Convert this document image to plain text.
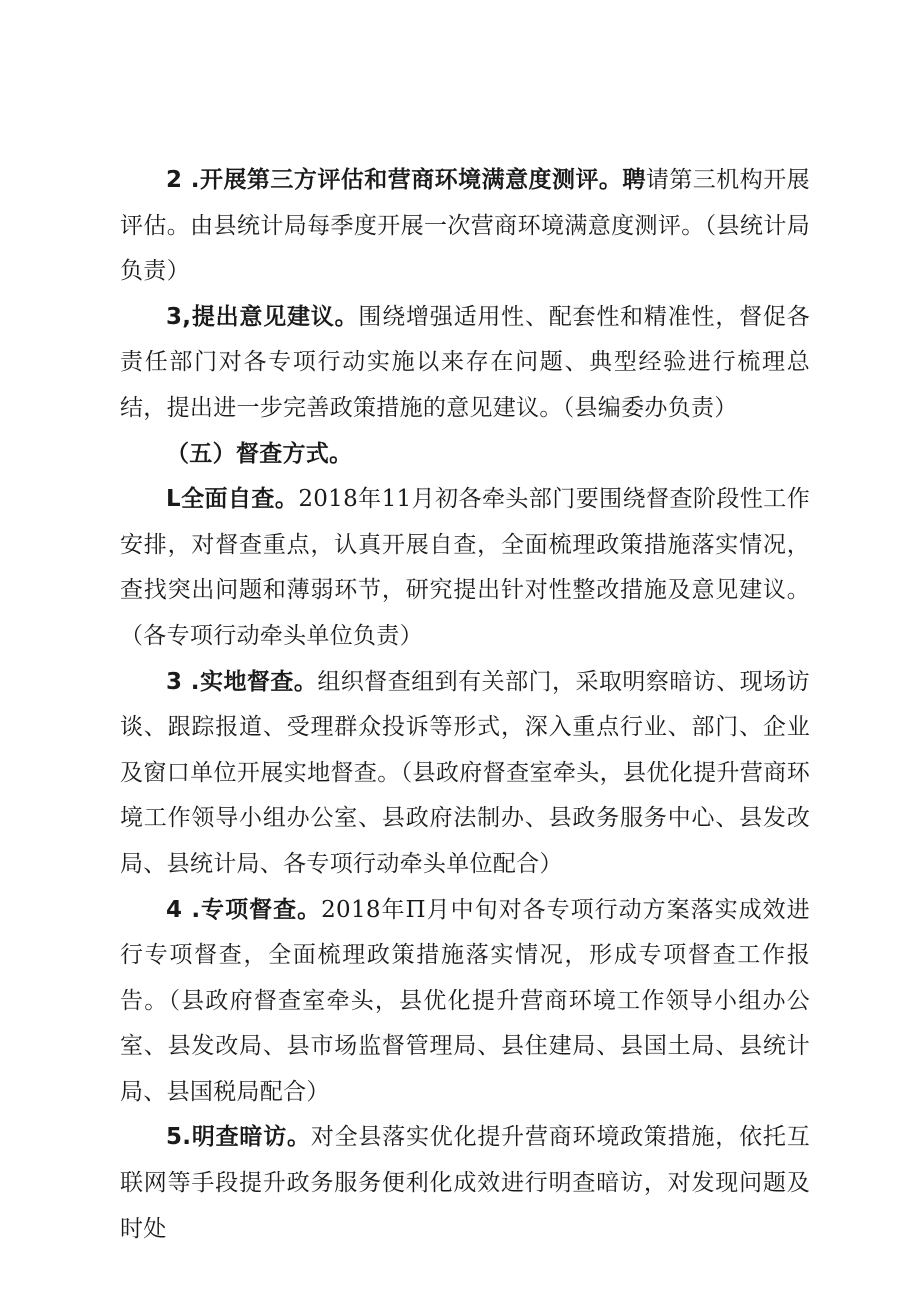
2 .开展第三方评估和营商环境满意度测评。聘请第三机构开展评估。由县统计局每季度开展一次营商环境满意度测评。（县统计局负责）

3,提出意见建议。围绕增强适用性、配套性和精准性，督促各责任部门对各专项行动实施以来存在问题、典型经验进行梳理总结，提出进一步完善政策措施的意见建议。（县编委办负责）

（五）督查方式。

L全面自查。2018年11月初各牵头部门要围绕督查阶段性工作安排，对督查重点，认真开展自查，全面梳理政策措施落实情况，查找突出问题和薄弱环节，研究提出针对性整改措施及意见建议。（各专项行动牵头单位负责）

3 .实地督查。组织督查组到有关部门，采取明察暗访、现场访谈、跟踪报道、受理群众投诉等形式，深入重点行业、部门、企业及窗口单位开展实地督查。（县政府督查室牵头，县优化提升营商环境工作领导小组办公室、县政府法制办、县政务服务中心、县发改局、县统计局、各专项行动牵头单位配合）

4 .专项督查。2018年Π月中旬对各专项行动方案落实成效进行专项督查，全面梳理政策措施落实情况，形成专项督查工作报告。（县政府督查室牵头，县优化提升营商环境工作领导小组办公室、县发改局、县市场监督管理局、县住建局、县国土局、县统计局、县国税局配合）

5.明查暗访。对全县落实优化提升营商环境政策措施，依托互联网等手段提升政务服务便利化成效进行明查暗访，对发现问题及时处
